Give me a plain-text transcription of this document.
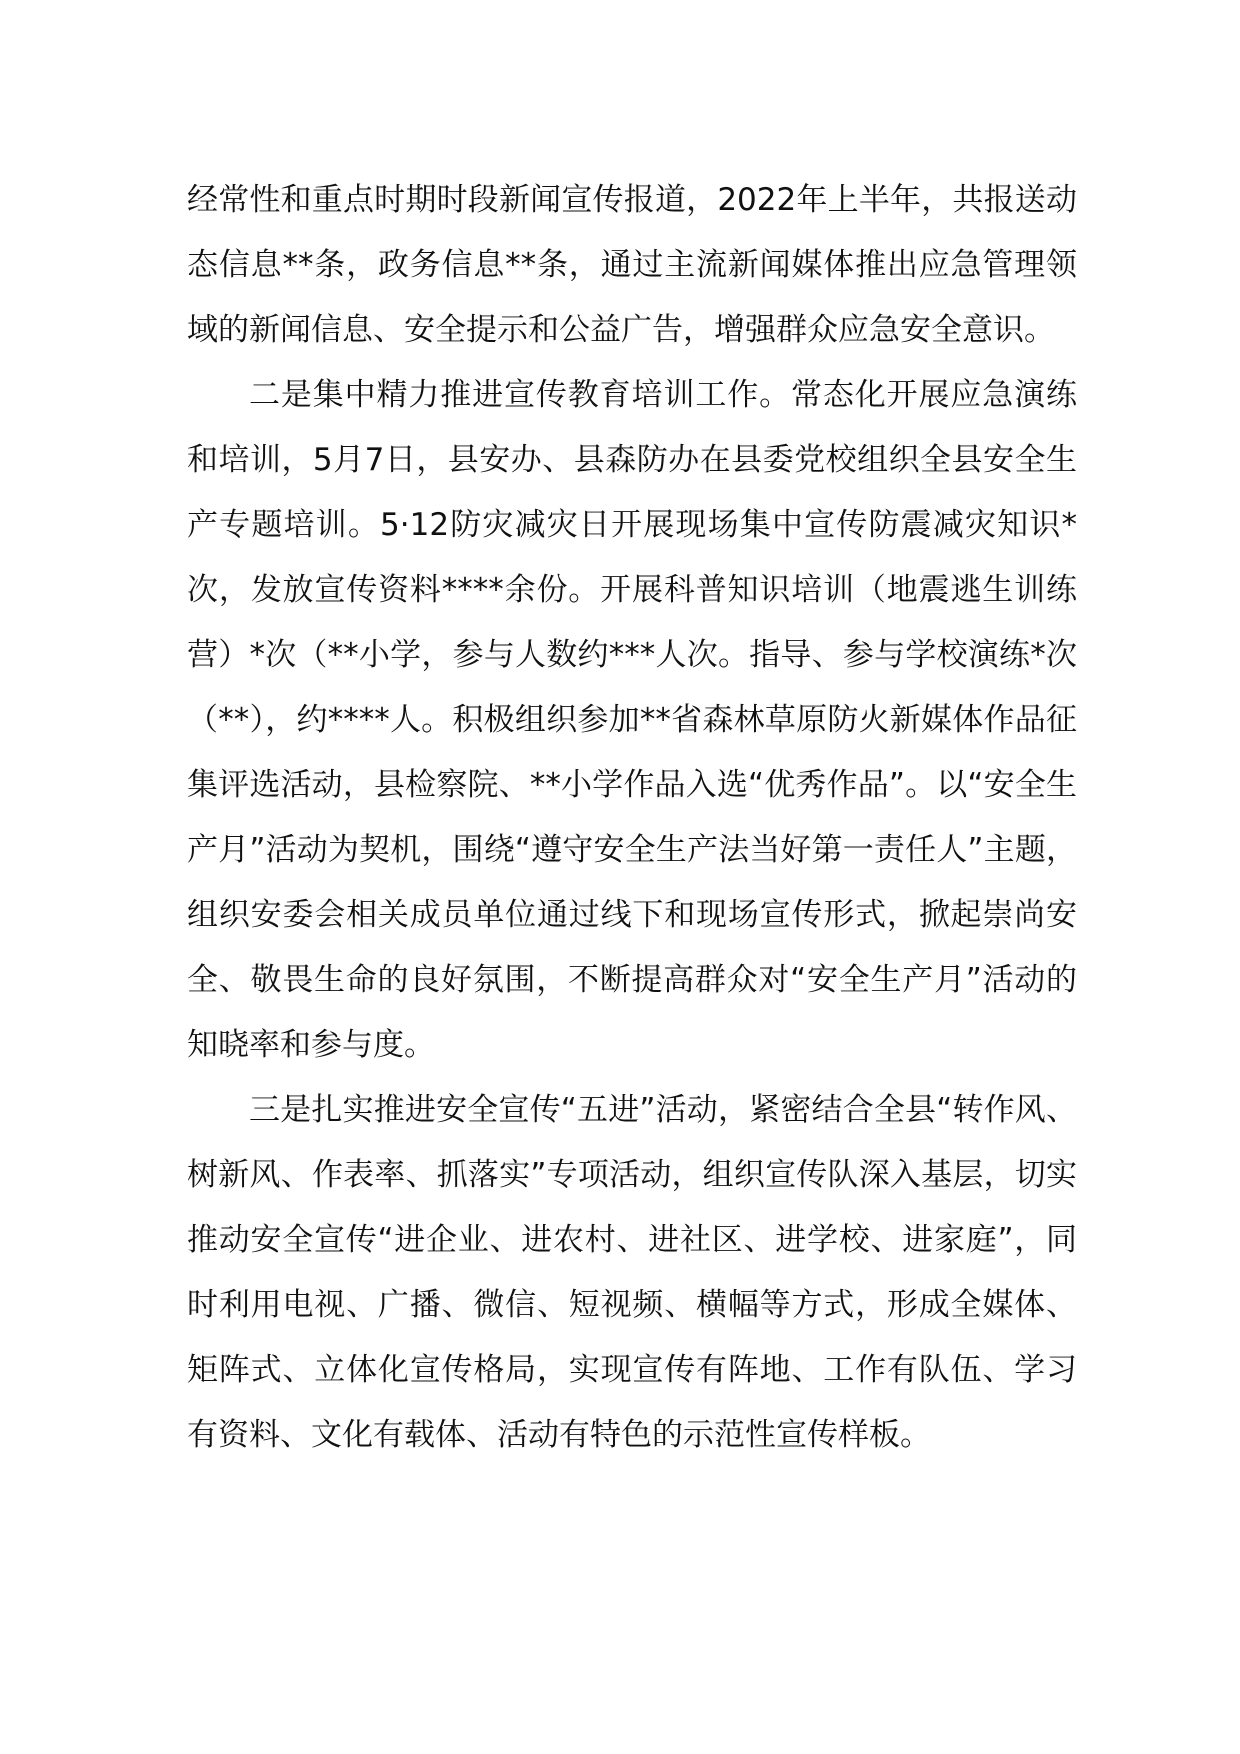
经常性和重点时期时段新闻宣传报道，2022年上半年，共报送动态信息**条，政务信息**条，通过主流新闻媒体推出应急管理领域的新闻信息、安全提示和公益广告，增强群众应急安全意识。

二是集中精力推进宣传教育培训工作。常态化开展应急演练和培训，5月7日，县安办、县森防办在县委党校组织全县安全生产专题培训。5·12防灾减灾日开展现场集中宣传防震减灾知识*次，发放宣传资料****余份。开展科普知识培训（地震逃生训练营）*次（**小学，参与人数约***人次。指导、参与学校演练*次（**），约****人。积极组织参加**省森林草原防火新媒体作品征集评选活动，县检察院、**小学作品入选“优秀作品”。以“安全生产月”活动为契机，围绕“遵守安全生产法当好第一责任人”主题，组织安委会相关成员单位通过线下和现场宣传形式，掀起崇尚安全、敬畏生命的良好氛围，不断提高群众对“安全生产月”活动的知晓率和参与度。

三是扎实推进安全宣传“五进”活动，紧密结合全县“转作风、树新风、作表率、抓落实”专项活动，组织宣传队深入基层，切实推动安全宣传“进企业、进农村、进社区、进学校、进家庭”，同时利用电视、广播、微信、短视频、横幅等方式，形成全媒体、矩阵式、立体化宣传格局，实现宣传有阵地、工作有队伍、学习有资料、文化有载体、活动有特色的示范性宣传样板。
